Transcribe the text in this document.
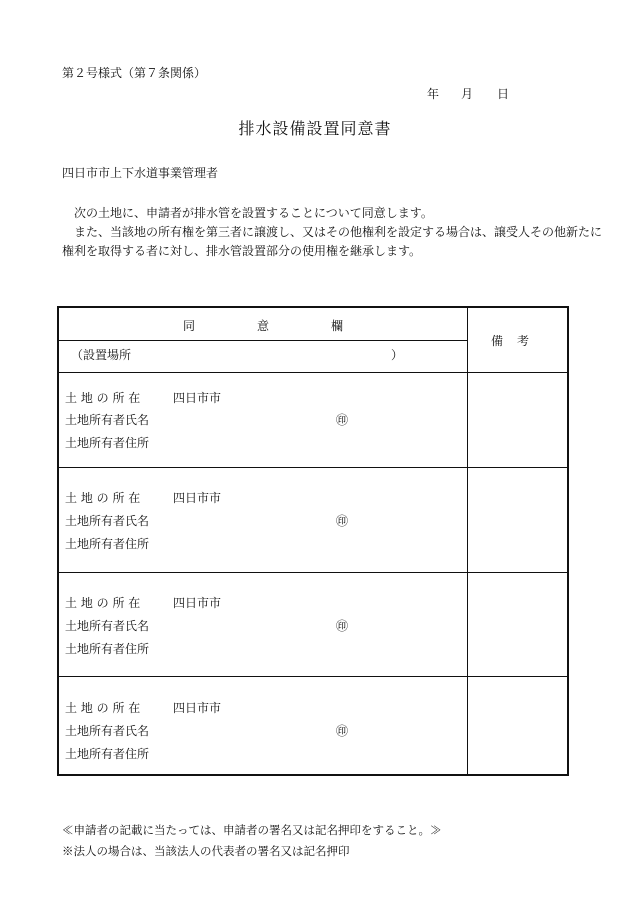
第２号様式（第７条関係）
年 月 日
排水設備設置同意書
四日市市上下水道事業管理者

　次の土地に、申請者が排水管を設置することについて同意します。

　また、当該地の所有権を第三者に譲渡し、又はその他権利を設定する場合は、譲受人その他新たに

権利を取得する者に対し、排水管設置部分の使用権を継承します。

同	意	欄
備 考
（設置場所	）
土 地 の 所 在	四日市市
土地所有者氏名	㊞
土地所有者住所
土 地 の 所 在	四日市市
土地所有者氏名	㊞
土地所有者住所
土 地 の 所 在	四日市市
土地所有者氏名	㊞
土地所有者住所
土 地 の 所 在	四日市市
土地所有者氏名	㊞
土地所有者住所
≪申請者の記載に当たっては、申請者の署名又は記名押印をすること。≫
※法人の場合は、当該法人の代表者の署名又は記名押印
